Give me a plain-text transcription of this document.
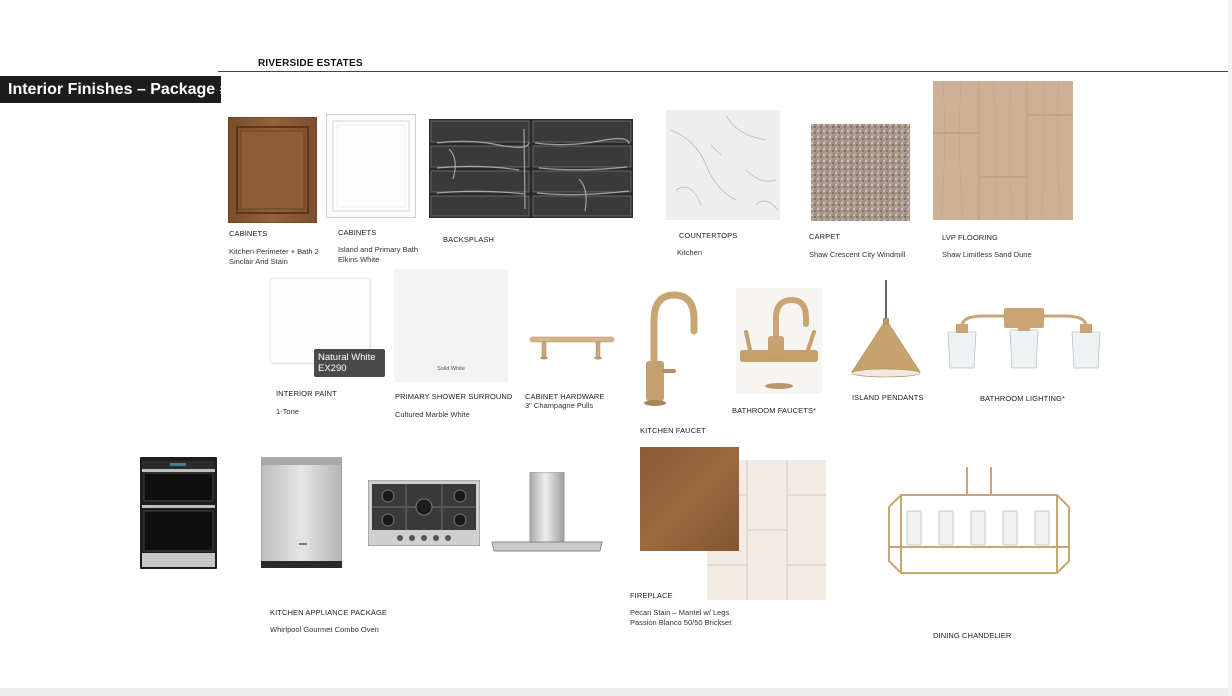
RIVERSIDE ESTATES
Interior Finishes – Package #1
CABINETS
Kitchen Perimeter + Bath 2
Sinclair Arid Stain
CABINETS
Island and Primary Bath
Elkins White
BACKSPLASH	COUNTERTOPS
Kitchen
CARPET
Shaw Crescent City Windmill
LVP FLOORING
Shaw Limitless Sand Dune
Natural White
EX290
INTERIOR PAINT
1-Tone
Solid White
PRIMARY SHOWER SURROUND
Cultured Marble White
CABINET HARDWARE
3" Champagne Pulls
KITCHEN FAUCET
BATHROOM FAUCETS*
ISLAND PENDANTS	BATHROOM LIGHTING*
KITCHEN APPLIANCE PACKAGE
Whirlpool Gourmet Combo Oven
FIREPLACE
Pecan Stain – Mantel w/ Legs
Passion Blanco 50/50 Brickset
DINING CHANDELIER
